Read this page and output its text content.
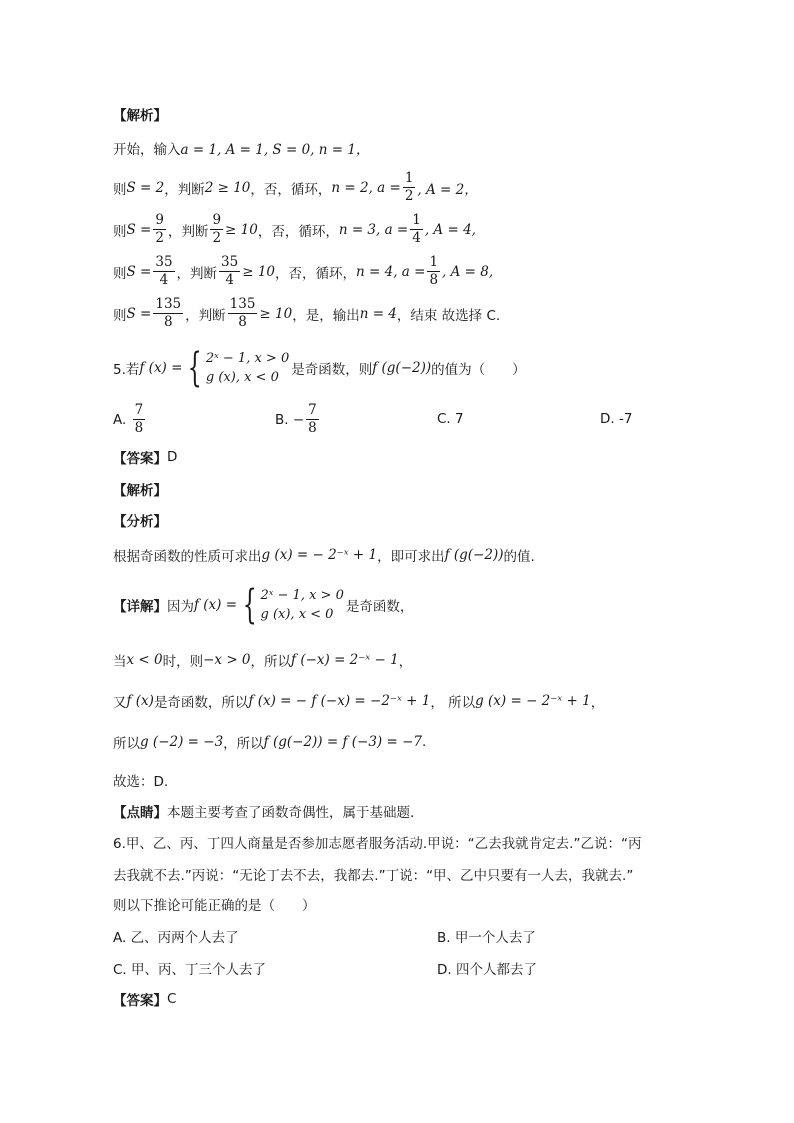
【解析】
开始，输入 a = 1, A = 1, S = 0, n = 1，
则 S = 2 ，判断 2 ≥ 10 ，否，循环， n = 2, $a = \frac{1}{2}$ , A = 2，
则 $S = \frac{9}{2}$ ，判断 $\frac{9}{2} \ge 10$ ，否，循环， n = 3, $a = \frac{1}{4}$ , A = 4,
则 $S = \frac{35}{4}$ ，判断 $\frac{35}{4} \ge 10$ ，否，循环， n = 4, $a = \frac{1}{8}$ , A = 8,
则 $S = \frac{135}{8}$ ，判断 $\frac{135}{8} \ge 10$ ，是，输出 n = 4 ，结束 故选择 C.
5.若 f (x) = { 2ˣ − 1, x > 0
g (x), x < 0 是奇函数，则 f (g(−2)) 的值为（　　）
A.
$\frac{7}{8}$	B.
− $\frac{7}{8}$	C. 7	D. -7
【答案】 D
【解析】
【分析】
根据奇函数的性质可求出 g (x) = − 2⁻ˣ + 1 ，即可求出 f (g(−2)) 的值.
【详解】 因为 f (x) = { 2ˣ − 1, x > 0
g (x), x < 0 是奇函数，
当 x < 0 时，则 −x > 0 ，所以 f (−x) = 2⁻ˣ − 1 ，
又 f (x) 是奇函数，所以 f (x) = − f (−x) = −2⁻ˣ + 1 ， 所以 g (x) = − 2⁻ˣ + 1 ，
所以 g (−2) = −3 ，所以 f (g(−2)) = f (−3) = −7 .
故选：D.
【点睛】 本题主要考查了函数奇偶性，属于基础题.
6.甲、乙、丙、丁四人商量是否参加志愿者服务活动.甲说：“乙去我就肯定去.”乙说：“丙
去我就不去.”丙说：“无论丁去不去，我都去.”丁说：“甲、乙中只要有一人去，我就去.”
则以下推论可能正确的是（　　）
A. 乙、丙两个人去了	B. 甲一个人去了
C. 甲、丙、丁三个人去了	D. 四个人都去了
【答案】 C
